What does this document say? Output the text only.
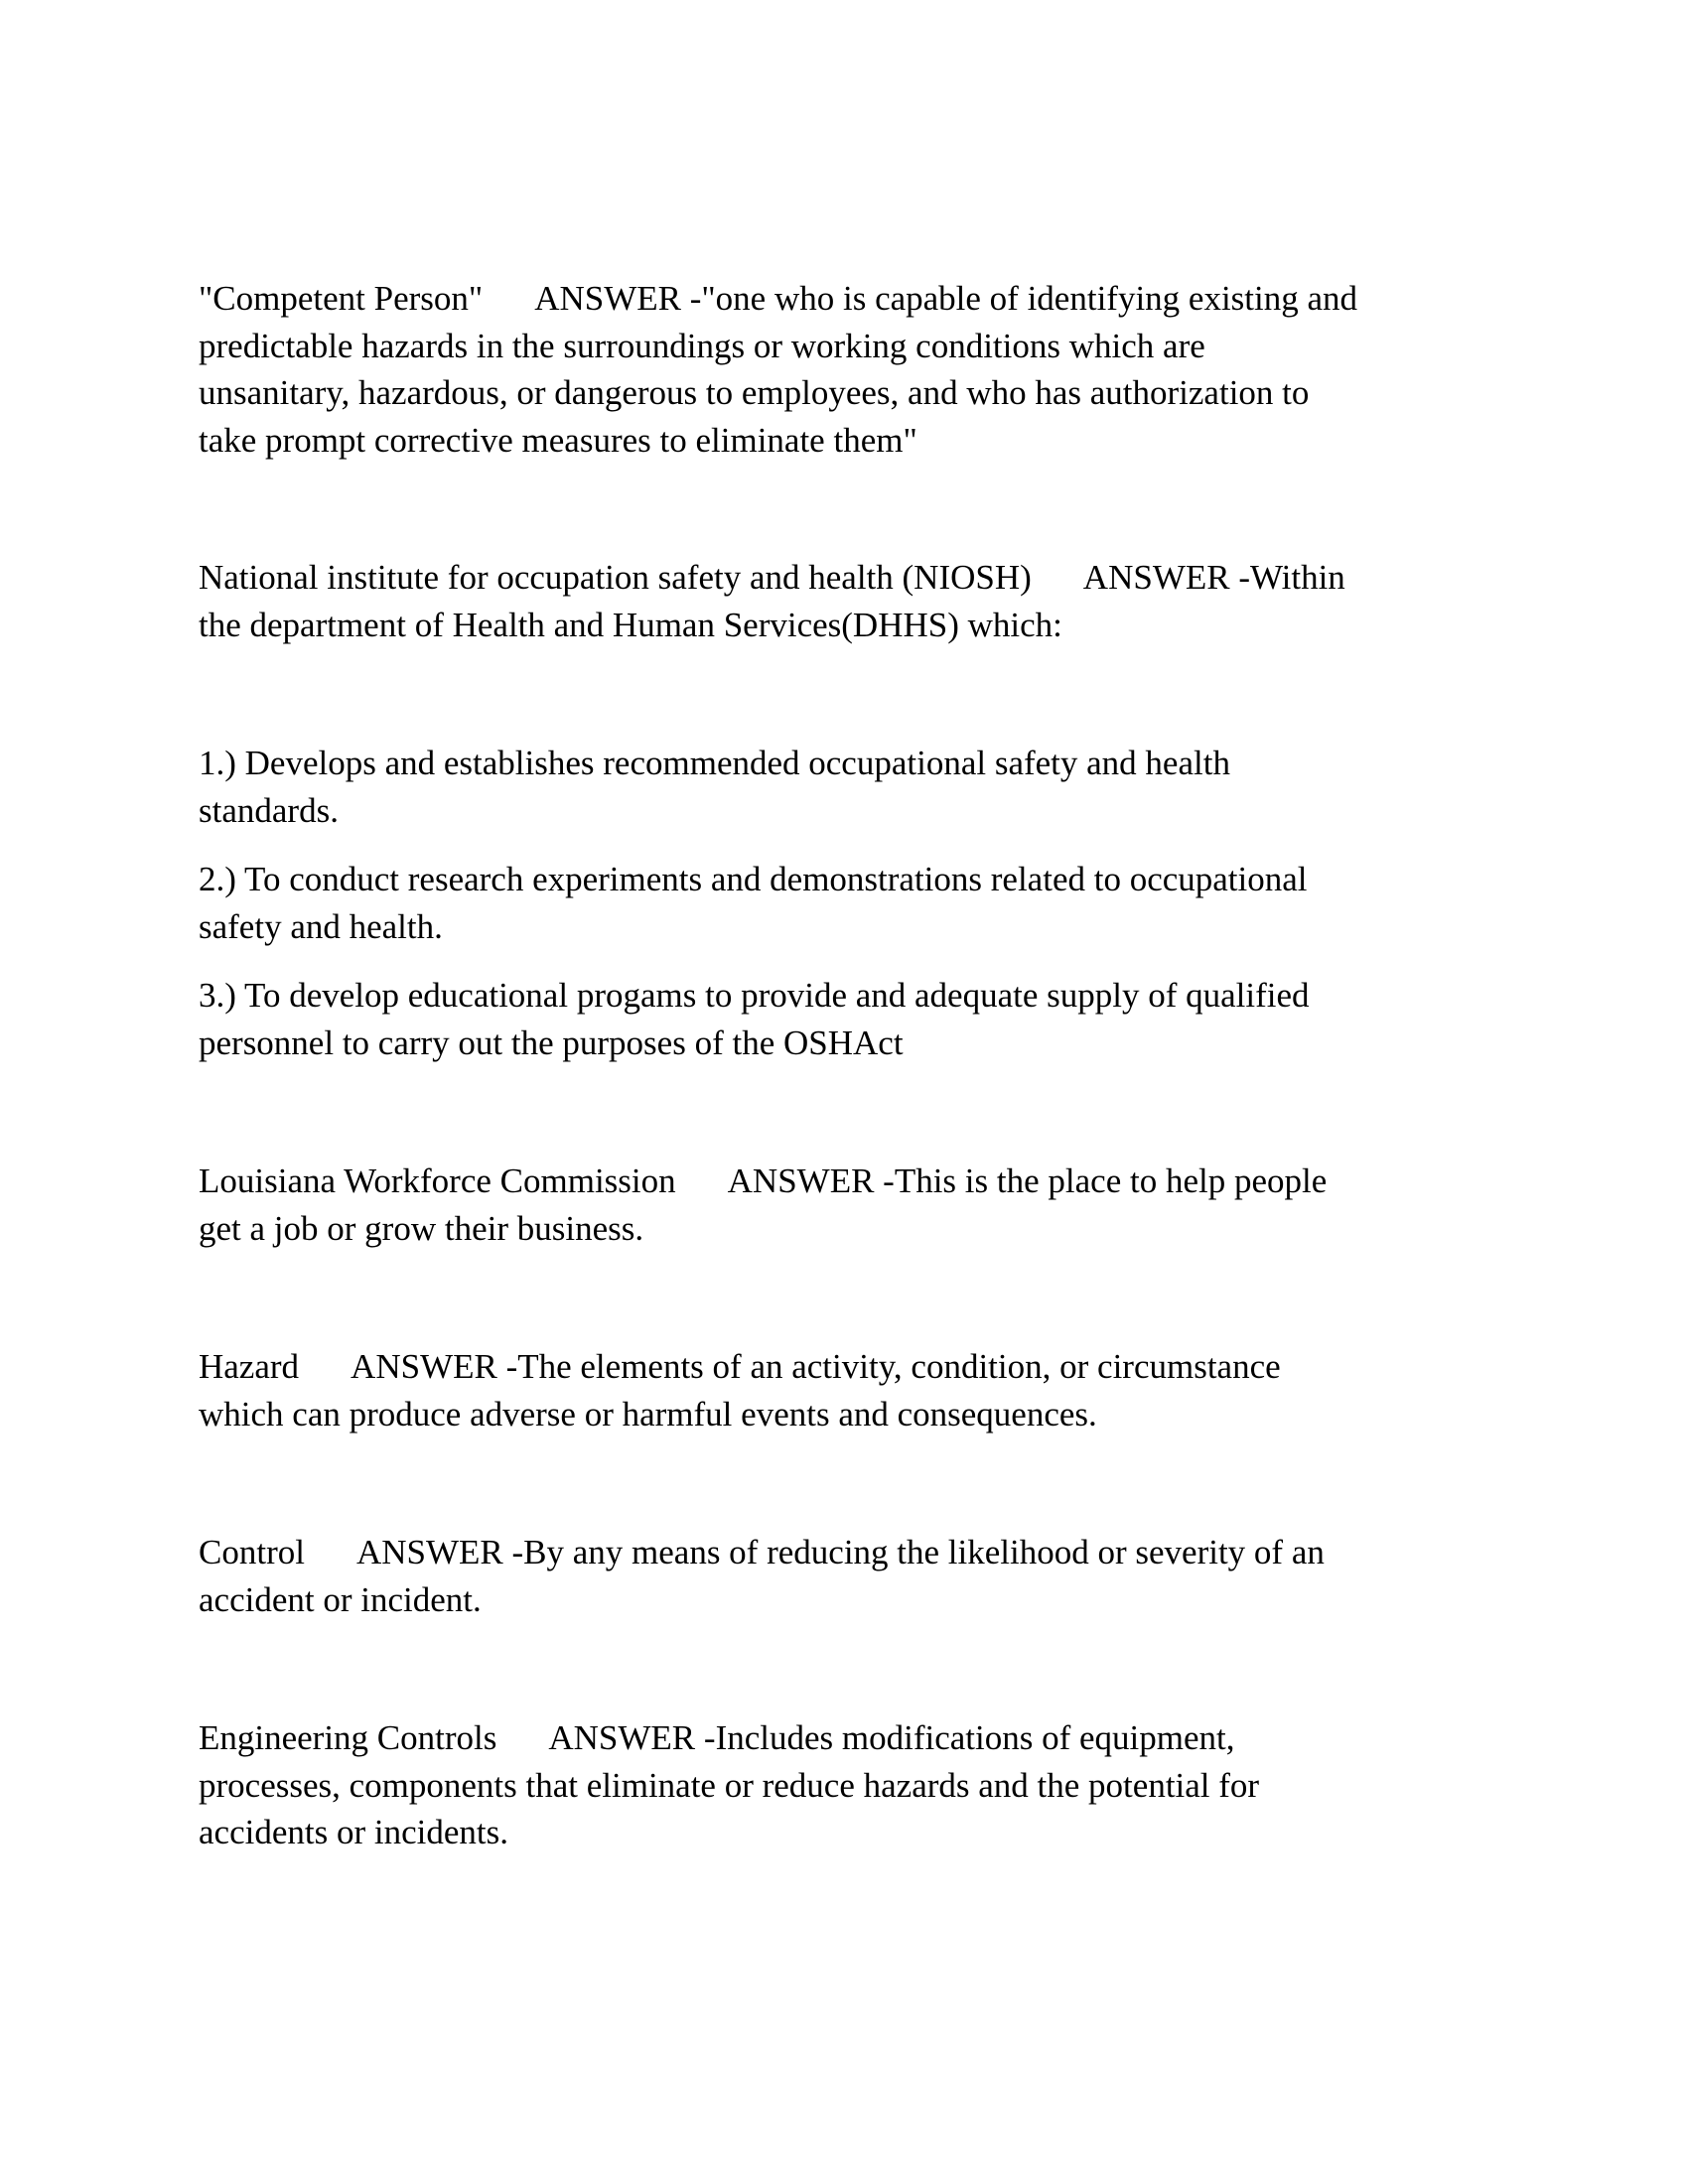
"Competent Person" ANSWER -"one who is capable of identifying existing and
predictable hazards in the surroundings or working conditions which are
unsanitary, hazardous, or dangerous to employees, and who has authorization to
take prompt corrective measures to eliminate them"
National institute for occupation safety and health (NIOSH) ANSWER -Within
the department of Health and Human Services(DHHS) which:
1.) Develops and establishes recommended occupational safety and health
standards.
2.) To conduct research experiments and demonstrations related to occupational
safety and health.
3.) To develop educational progams to provide and adequate supply of qualified
personnel to carry out the purposes of the OSHAct
Louisiana Workforce Commission ANSWER -This is the place to help people
get a job or grow their business.
Hazard ANSWER -The elements of an activity, condition, or circumstance
which can produce adverse or harmful events and consequences.
Control ANSWER -By any means of reducing the likelihood or severity of an
accident or incident.
Engineering Controls ANSWER -Includes modifications of equipment,
processes, components that eliminate or reduce hazards and the potential for
accidents or incidents.
